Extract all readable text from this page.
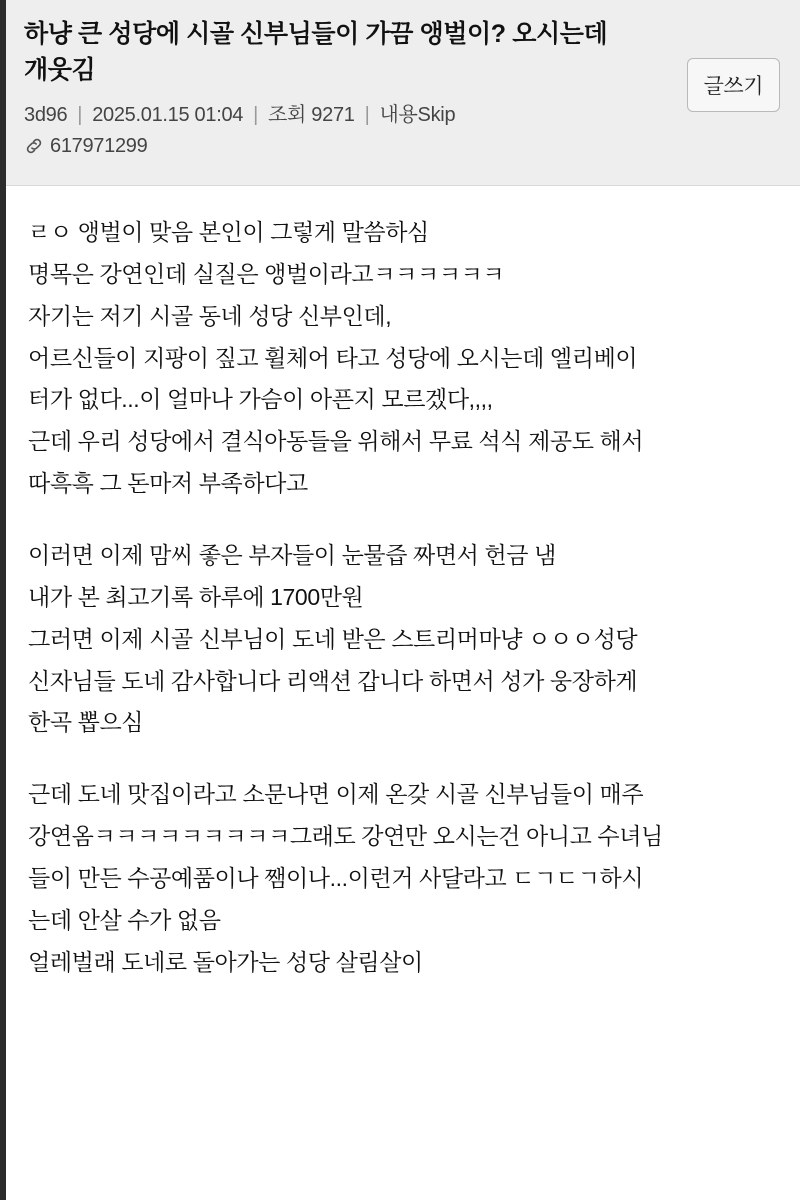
하냥 큰 성당에 시골 신부님들이 가끔 앵벌이? 오시는데 개웃김
3d96 | 2025.01.15 01:04 | 조회 9271 | 내용Skip
617971299
글쓰기

ㄹㅇ 앵벌이 맞음 본인이 그렇게 말씀하심
명목은 강연인데 실질은 앵벌이라고ㅋㅋㅋㅋㅋㅋ
자기는 저기 시골 동네 성당 신부인데,
어르신들이 지팡이 짚고 휠체어 타고 성당에 오시는데 엘리베이
터가 없다...이 얼마나 가슴이 아픈지 모르겠다,,,,
근데 우리 성당에서 결식아동들을 위해서 무료 석식 제공도 해서
따흑흑 그 돈마저 부족하다고

이러면 이제 맘씨 좋은 부자들이 눈물즙 짜면서 헌금 냄
내가 본 최고기록 하루에 1700만원
그러면 이제 시골 신부님이 도네 받은 스트리머마냥 ㅇㅇㅇ성당
신자님들 도네 감사합니다 리액션 갑니다 하면서 성가 웅장하게
한곡 뽑으심

근데 도네 맛집이라고 소문나면 이제 온갖 시골 신부님들이 매주
강연옴ㅋㅋㅋㅋㅋㅋㅋㅋㅋ그래도 강연만 오시는건 아니고 수녀님
들이 만든 수공예품이나 쨈이나...이런거 사달라고 ㄷㄱㄷㄱ하시
는데 안살 수가 없음
얼레벌래 도네로 돌아가는 성당 살림살이
